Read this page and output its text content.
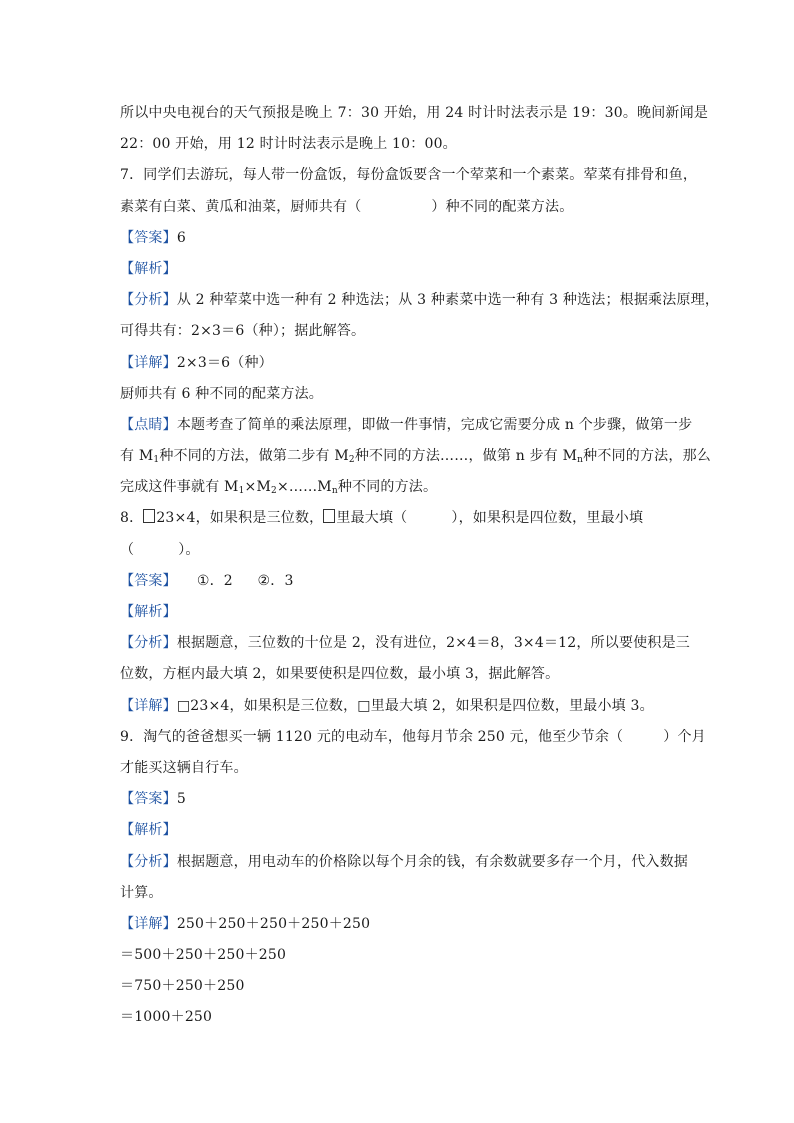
所以中央电视台的天气预报是晚上 7：30 开始，用 24 时计时法表示是 19：30。晚间新闻是
22：00 开始，用 12 时计时法表示是晚上 10：00。
7．同学们去游玩，每人带一份盒饭，每份盒饭要含一个荤菜和一个素菜。荤菜有排骨和鱼，
素菜有白菜、黄瓜和油菜，厨师共有（	）种不同的配菜方法。
【答案】6
【解析】
【分析】从 2 种荤菜中选一种有 2 种选法；从 3 种素菜中选一种有 3 种选法；根据乘法原理，
可得共有：2×3＝6（种）；据此解答。
【详解】2×3＝6（种）
厨师共有 6 种不同的配菜方法。
【点睛】本题考查了简单的乘法原理，即做一件事情，完成它需要分成 n 个步骤，做第一步
有 $M_1$种不同的方法，做第二步有 $M_2$种不同的方法……，做第 n 步有 $M_n$种不同的方法，那么
完成这件事就有 $M_1\times M_2\times\dots\dots M_n$种不同的方法。
8． 23×4，如果积是三位数， 里最大填（	），如果积是四位数，里最小填
（	）。
【答案】 ①．2 ②．3
【解析】
【分析】根据题意，三位数的十位是 2，没有进位，2×4＝8，3×4＝12，所以要使积是三
位数，方框内最大填 2，如果要使积是四位数，最小填 3，据此解答。
【详解】□23×4，如果积是三位数，□里最大填 2，如果积是四位数，里最小填 3。
9．淘气的爸爸想买一辆 1120 元的电动车，他每月节余 250 元，他至少节余（	）个月
才能买这辆自行车。
【答案】5
【解析】
【分析】根据题意，用电动车的价格除以每个月余的钱，有余数就要多存一个月，代入数据
计算。
【详解】250＋250＋250＋250＋250
＝500＋250＋250＋250
＝750＋250＋250
＝1000＋250
